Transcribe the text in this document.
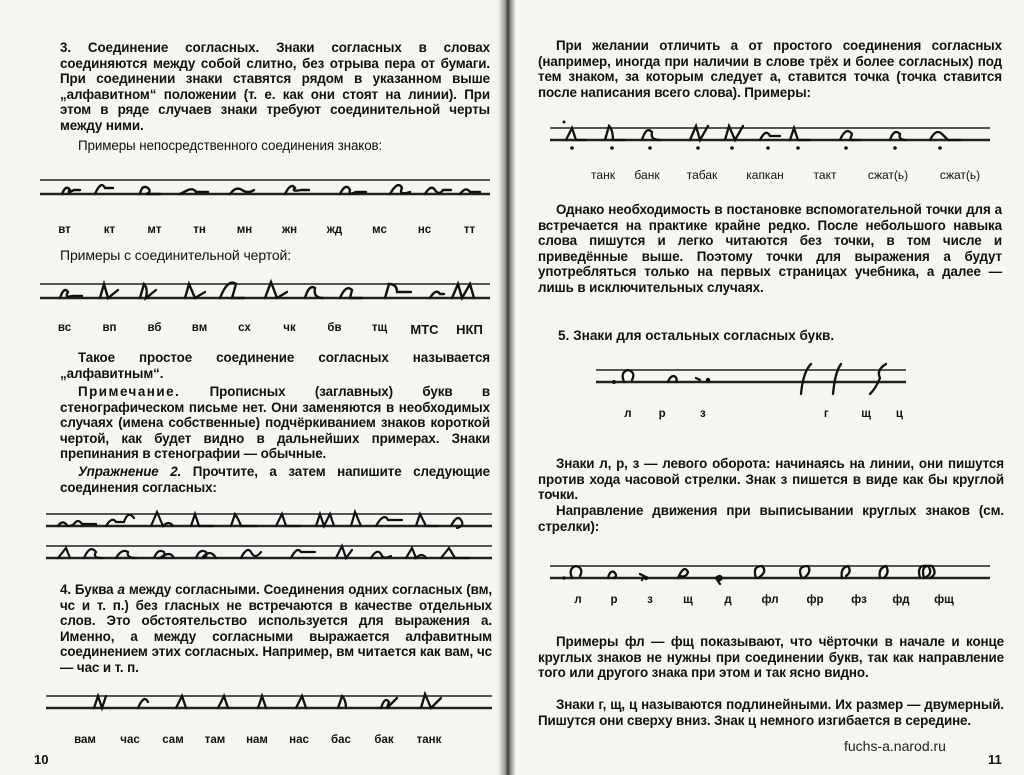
3. Соединение согласных. Знаки согласных в словах соединяются между собой слитно, без отрыва пера от бумаги. При соединении знаки ставятся рядом в указанном выше „алфавитном“ положении (т. е. как они стоят на линии). При этом в ряде случаев знаки требуют соединительной черты между ними.
Примеры непосредственного соединения знаков:
вт	кт	мт	тн	мн	жн	жд	мс	нс	тт
Примеры с соединительной чертой:
вс	вп	вб	вм	сх	чк	бв	тщ	МТС	НКП
Такое простое соединение согласных называется „алфавитным“.
Примечание. Прописных (заглавных) букв в стенографическом письме нет. Они заменяются в необходимых случаях (имена собственные) подчёркиванием знаков короткой чертой, как будет видно в дальнейших примерах. Знаки препинания в стенографии — обычные.
Упражнение 2. Прочтите, а затем напишите следующие соединения согласных:
4. Буква а между согласными. Соединения одних согласных (вм, чс и т. п.) без гласных не встречаются в качестве отдельных слов. Это обстоятельство используется для выражения а. Именно, а между согласными выражается алфавитным соединением этих согласных. Например, вм читается как вам, чс — час и т. п.
вам	час	сам	там	нам	нас	бас	бак	танк
10
При желании отличить а от простого соединения согласных (например, иногда при наличии в слове трёх и более согласных) под тем знаком, за которым следует а, ставится точка (точка ставится после написания всего слова). Примеры:
танк	банк	табак	капкан	такт	сжат(ь)	сжат(ь)
Однако необходимость в постановке вспомогательной точки для а встречается на практике крайне редко. После небольшого навыка слова пишутся и легко читаются без точки, в том числе и приведённые выше. Поэтому точки для выражения а будут употребляться только на первых страницах учебника, а далее — лишь в исключительных случаях.
5. Знаки для остальных согласных букв.
л	р	з	г	щ	ц
Знаки л, р, з — левого оборота: начинаясь на линии, они пишутся против хода часовой стрелки. Знак з пишется в виде как бы круглой точки.
Направление движения при выписывании круглых знаков (см. стрелки):
л	р	з	щ	д	фл	фр	фз	фд	фщ
Примеры фл — фщ показывают, что чёрточки в начале и конце круглых знаков не нужны при соединении букв, так как направление того или другого знака при этом и так ясно видно.
Знаки г, щ, ц называются подлинейными. Их размер — двумерный. Пишутся они сверху вниз. Знак ц немного изгибается в середине.
fuchs-a.narod.ru
11
